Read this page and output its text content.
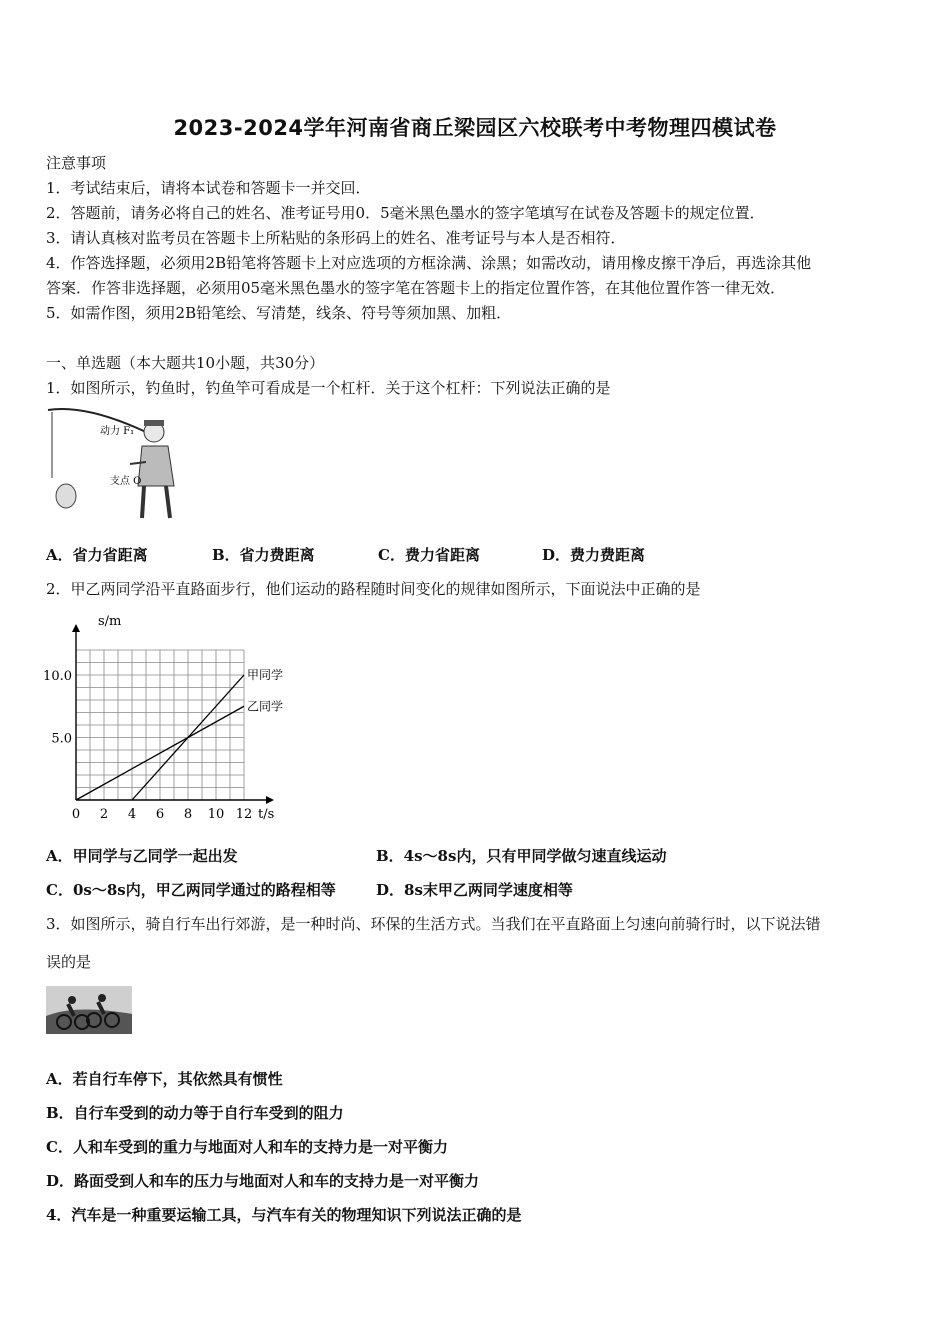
2023-2024学年河南省商丘梁园区六校联考中考物理四模试卷
注意事项
1．考试结束后，请将本试卷和答题卡一并交回．
2．答题前，请务必将自己的姓名、准考证号用0．5毫米黑色墨水的签字笔填写在试卷及答题卡的规定位置．
3．请认真核对监考员在答题卡上所粘贴的条形码上的姓名、准考证号与本人是否相符．
4．作答选择题，必须用2B铅笔将答题卡上对应选项的方框涂满、涂黑；如需改动，请用橡皮擦干净后，再选涂其他
答案．作答非选择题，必须用05毫米黑色墨水的签字笔在答题卡上的指定位置作答，在其他位置作答一律无效．
5．如需作图，须用2B铅笔绘、写清楚，线条、符号等须加黑、加粗．
一、单选题（本大题共10小题，共30分）
1．如图所示，钓鱼时，钓鱼竿可看成是一个杠杆．关于这个杠杆：下列说法正确的是
动力 F₁
支点 O
A．省力省距离	B．省力费距离	C．费力省距离	D．费力费距离
2．甲乙两同学沿平直路面步行，他们运动的路程随时间变化的规律如图所示，下面说法中正确的是
s/m
t/s
0 2 4 6 8 10 12
5.0
10.0	甲同学
乙同学
A．甲同学与乙同学一起出发	B．4s～8s内，只有甲同学做匀速直线运动
C．0s～8s内，甲乙两同学通过的路程相等	D．8s末甲乙两同学速度相等
3．如图所示，骑自行车出行郊游，是一种时尚、环保的生活方式。当我们在平直路面上匀速向前骑行时，以下说法错
误的是
A．若自行车停下，其依然具有惯性
B．自行车受到的动力等于自行车受到的阻力
C．人和车受到的重力与地面对人和车的支持力是一对平衡力
D．路面受到人和车的压力与地面对人和车的支持力是一对平衡力
4．汽车是一种重要运输工具，与汽车有关的物理知识下列说法正确的是
